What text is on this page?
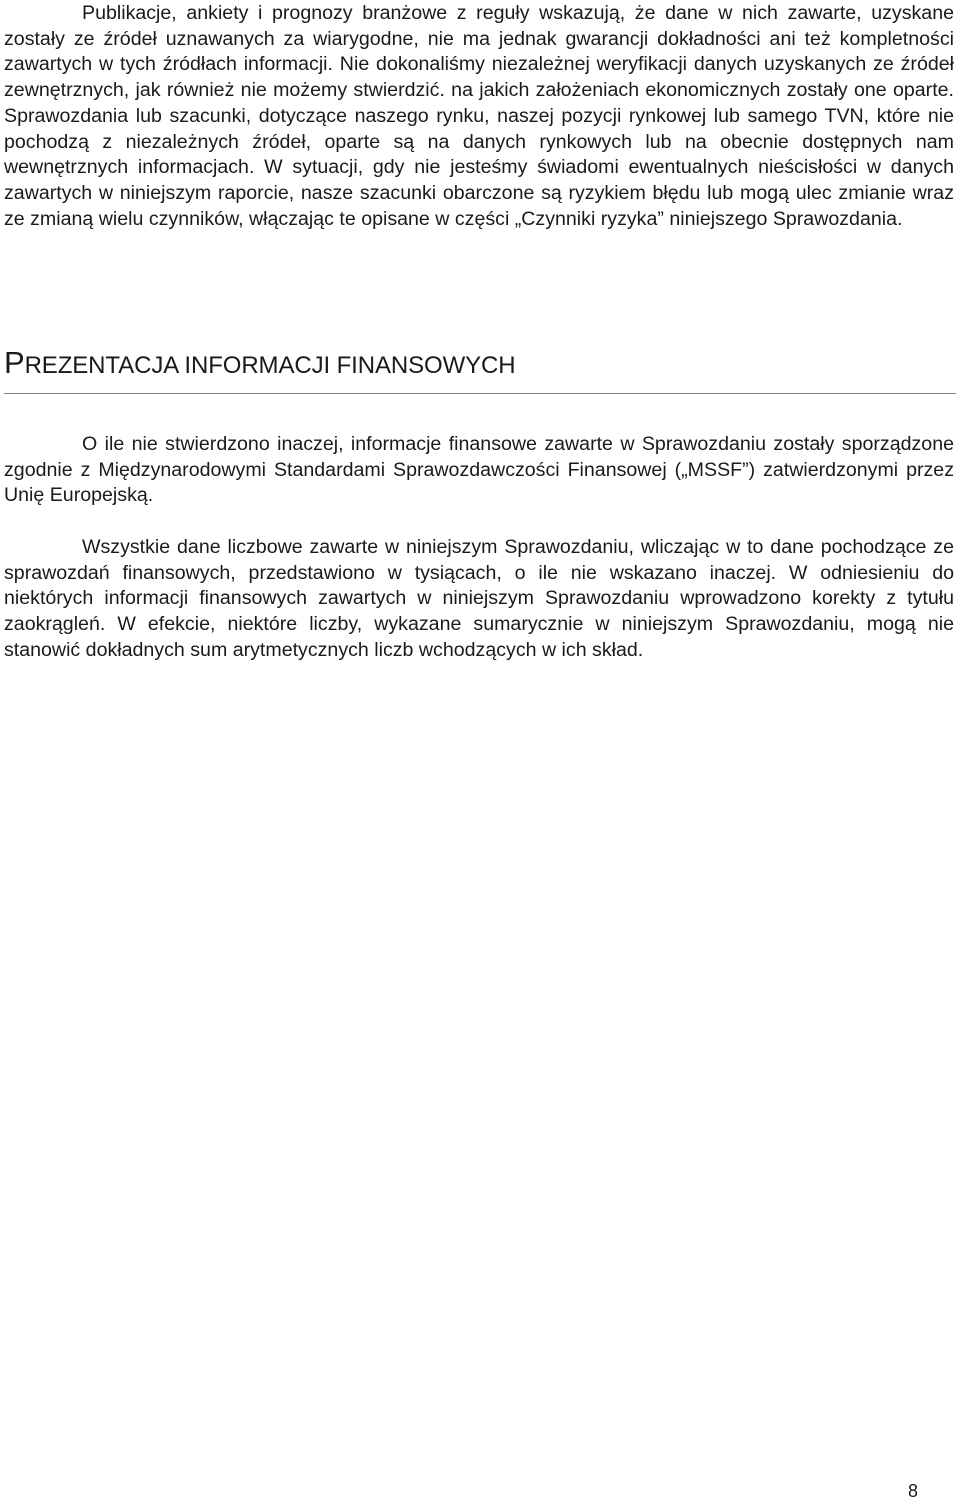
Publikacje, ankiety i prognozy branżowe z reguły wskazują, że dane w nich zawarte, uzyskane zostały ze źródeł uznawanych za wiarygodne, nie ma jednak gwarancji dokładności ani też kompletności zawartych w tych źródłach informacji. Nie dokonaliśmy niezależnej weryfikacji danych uzyskanych ze źródeł zewnętrznych, jak również nie możemy stwierdzić. na jakich założeniach ekonomicznych zostały one oparte. Sprawozdania lub szacunki, dotyczące naszego rynku, naszej pozycji rynkowej lub samego TVN, które nie pochodzą z niezależnych źródeł, oparte są na danych rynkowych lub na obecnie dostępnych nam wewnętrznych informacjach. W sytuacji, gdy nie jesteśmy świadomi ewentualnych nieścisłości w danych zawartych w niniejszym raporcie, nasze szacunki obarczone są ryzykiem błędu lub mogą ulec zmianie wraz ze zmianą wielu czynników, włączając te opisane w części „Czynniki ryzyka” niniejszego Sprawozdania.

PREZENTACJA INFORMACJI FINANSOWYCH

O ile nie stwierdzono inaczej, informacje finansowe zawarte w Sprawozdaniu zostały sporządzone zgodnie z Międzynarodowymi Standardami Sprawozdawczości Finansowej („MSSF”) zatwierdzonymi przez Unię Europejską.

Wszystkie dane liczbowe zawarte w niniejszym Sprawozdaniu, wliczając w to dane pochodzące ze sprawozdań finansowych, przedstawiono w tysiącach, o ile nie wskazano inaczej. W odniesieniu do niektórych informacji finansowych zawartych w niniejszym Sprawozdaniu wprowadzono korekty z tytułu zaokrągleń. W efekcie, niektóre liczby, wykazane sumarycznie w niniejszym Sprawozdaniu, mogą nie stanowić dokładnych sum arytmetycznych liczb wchodzących w ich skład.

8
